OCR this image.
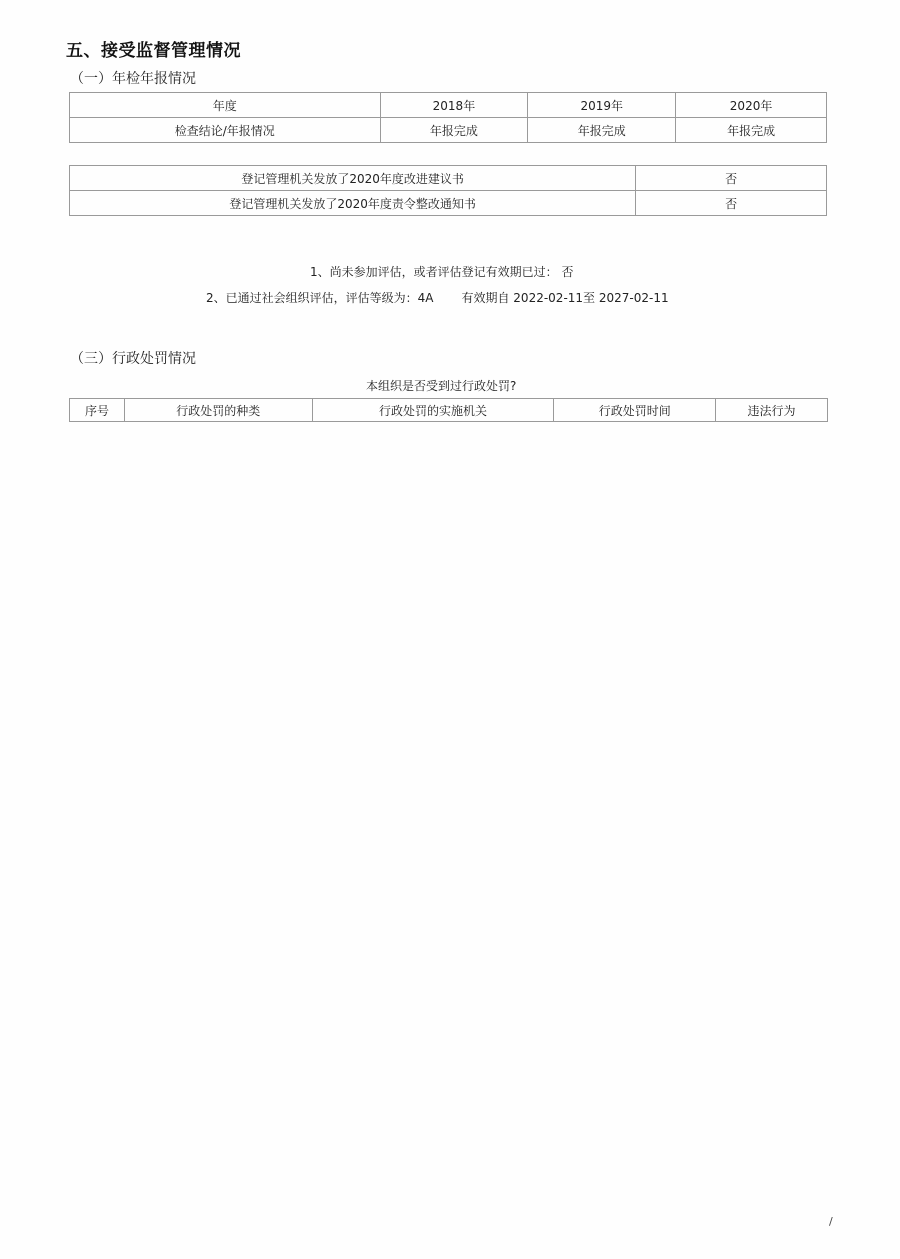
五、接受监督管理情况
（一）年检年报情况
年度	2018年	2019年	2020年
检查结论/年报情况	年报完成	年报完成	年报完成
登记管理机关发放了2020年度改进建议书	否
登记管理机关发放了2020年度责令整改通知书	否
1、尚未参加评估，或者评估登记有效期已过： 否
2、已通过社会组织评估，评估等级为：4A 有效期自 2022-02-11至 2027-02-11
（三）行政处罚情况
本组织是否受到过行政处罚?
序号	行政处罚的种类	行政处罚的实施机关	行政处罚时间	违法行为
/
